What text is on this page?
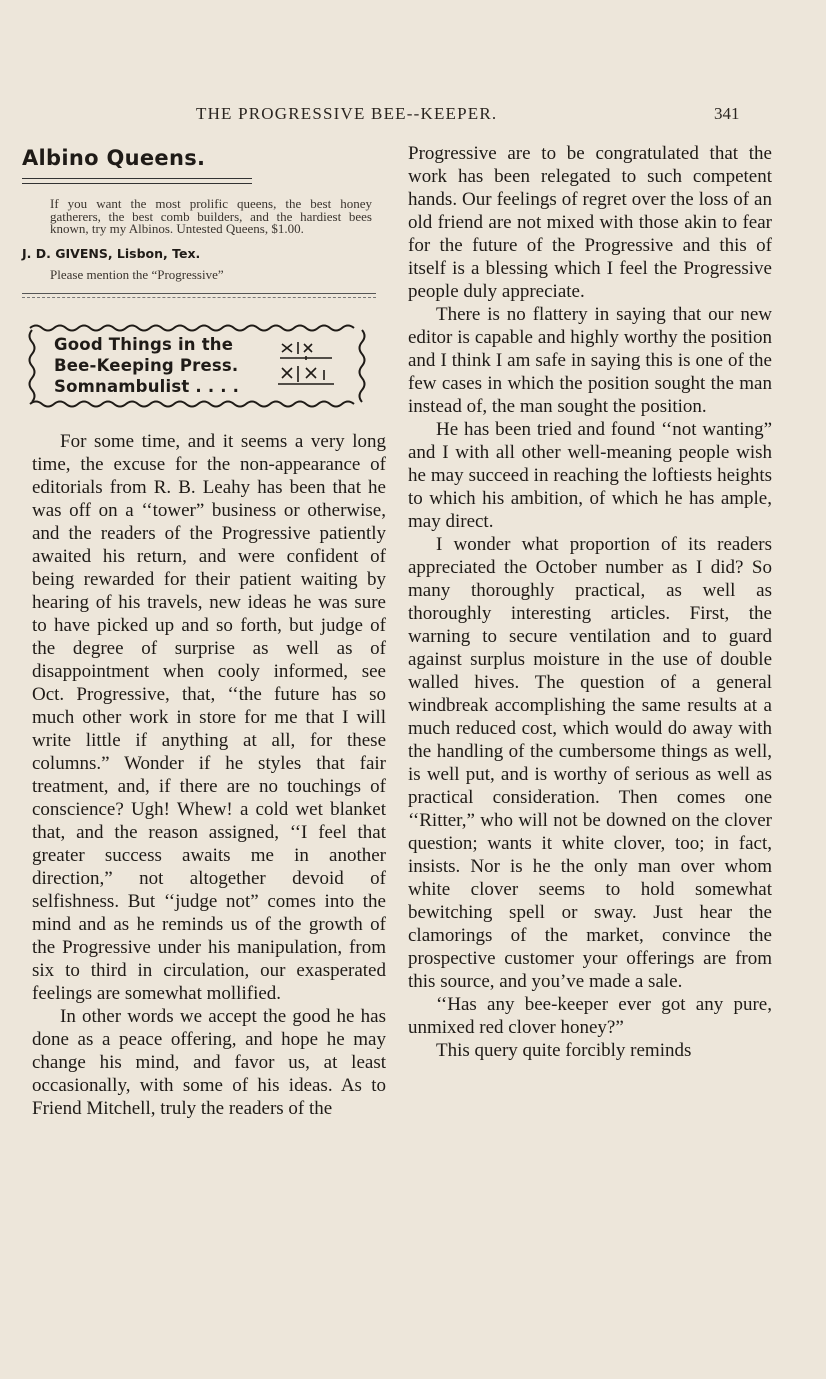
THE PROGRESSIVE BEE--KEEPER.	341
Albino Queens.
If you want the most prolific queens, the best honey gatherers, the best comb builders, and the hardiest bees known, try my Albinos. Untested Queens, $1.00.
J. D. GIVENS, Lisbon, Tex.
Please mention the “Progressive”
Good Things in the
Bee-Keeping Press.
Somnambulist . . . .

For some time, and it seems a very long time, the excuse for the non-appearance of editorials from R. B. Leahy has been that he was off on a ‘‘tower” business or otherwise, and the readers of the Progressive patiently awaited his return, and were confident of being rewarded for their patient waiting by hearing of his travels, new ideas he was sure to have picked up and so forth, but judge of the degree of surprise as well as of disappointment when cooly informed, see Oct. Progressive, that, ‘‘the future has so much other work in store for me that I will write little if anything at all, for these columns.” Wonder if he styles that fair treatment, and, if there are no touchings of conscience? Ugh! Whew! a cold wet blanket that, and the reason assigned, ‘‘I feel that greater success awaits me in another direction,” not altogether devoid of selfishness. But ‘‘judge not” comes into the mind and as he reminds us of the growth of the Progressive under his manipulation, from six to third in circulation, our exasperated feelings are somewhat mollified.

In other words we accept the good he has done as a peace offering, and hope he may change his mind, and favor us, at least occasionally, with some of his ideas. As to Friend Mitchell, truly the readers of the

Progressive are to be congratulated that the work has been relegated to such competent hands. Our feelings of regret over the loss of an old friend are not mixed with those akin to fear for the future of the Progressive and this of itself is a blessing which I feel the Progressive people duly appreciate.

There is no flattery in saying that our new editor is capable and highly worthy the position and I think I am safe in saying this is one of the few cases in which the position sought the man instead of, the man sought the position.

He has been tried and found ‘‘not wanting” and I with all other well-meaning people wish he may succeed in reaching the loftiests heights to which his ambition, of which he has ample, may direct.

I wonder what proportion of its readers appreciated the October number as I did? So many thoroughly practical, as well as thoroughly interesting articles. First, the warning to secure ventilation and to guard against surplus moisture in the use of double walled hives. The question of a general windbreak accomplishing the same results at a much reduced cost, which would do away with the handling of the cumbersome things as well, is well put, and is worthy of serious as well as practical consideration. Then comes one ‘‘Ritter,” who will not be downed on the clover question; wants it white clover, too; in fact, insists. Nor is he the only man over whom white clover seems to hold somewhat bewitching spell or sway. Just hear the clamorings of the market, convince the prospective customer your offerings are from this source, and you’ve made a sale.

‘‘Has any bee-keeper ever got any pure, unmixed red clover honey?”

This query quite forcibly reminds
